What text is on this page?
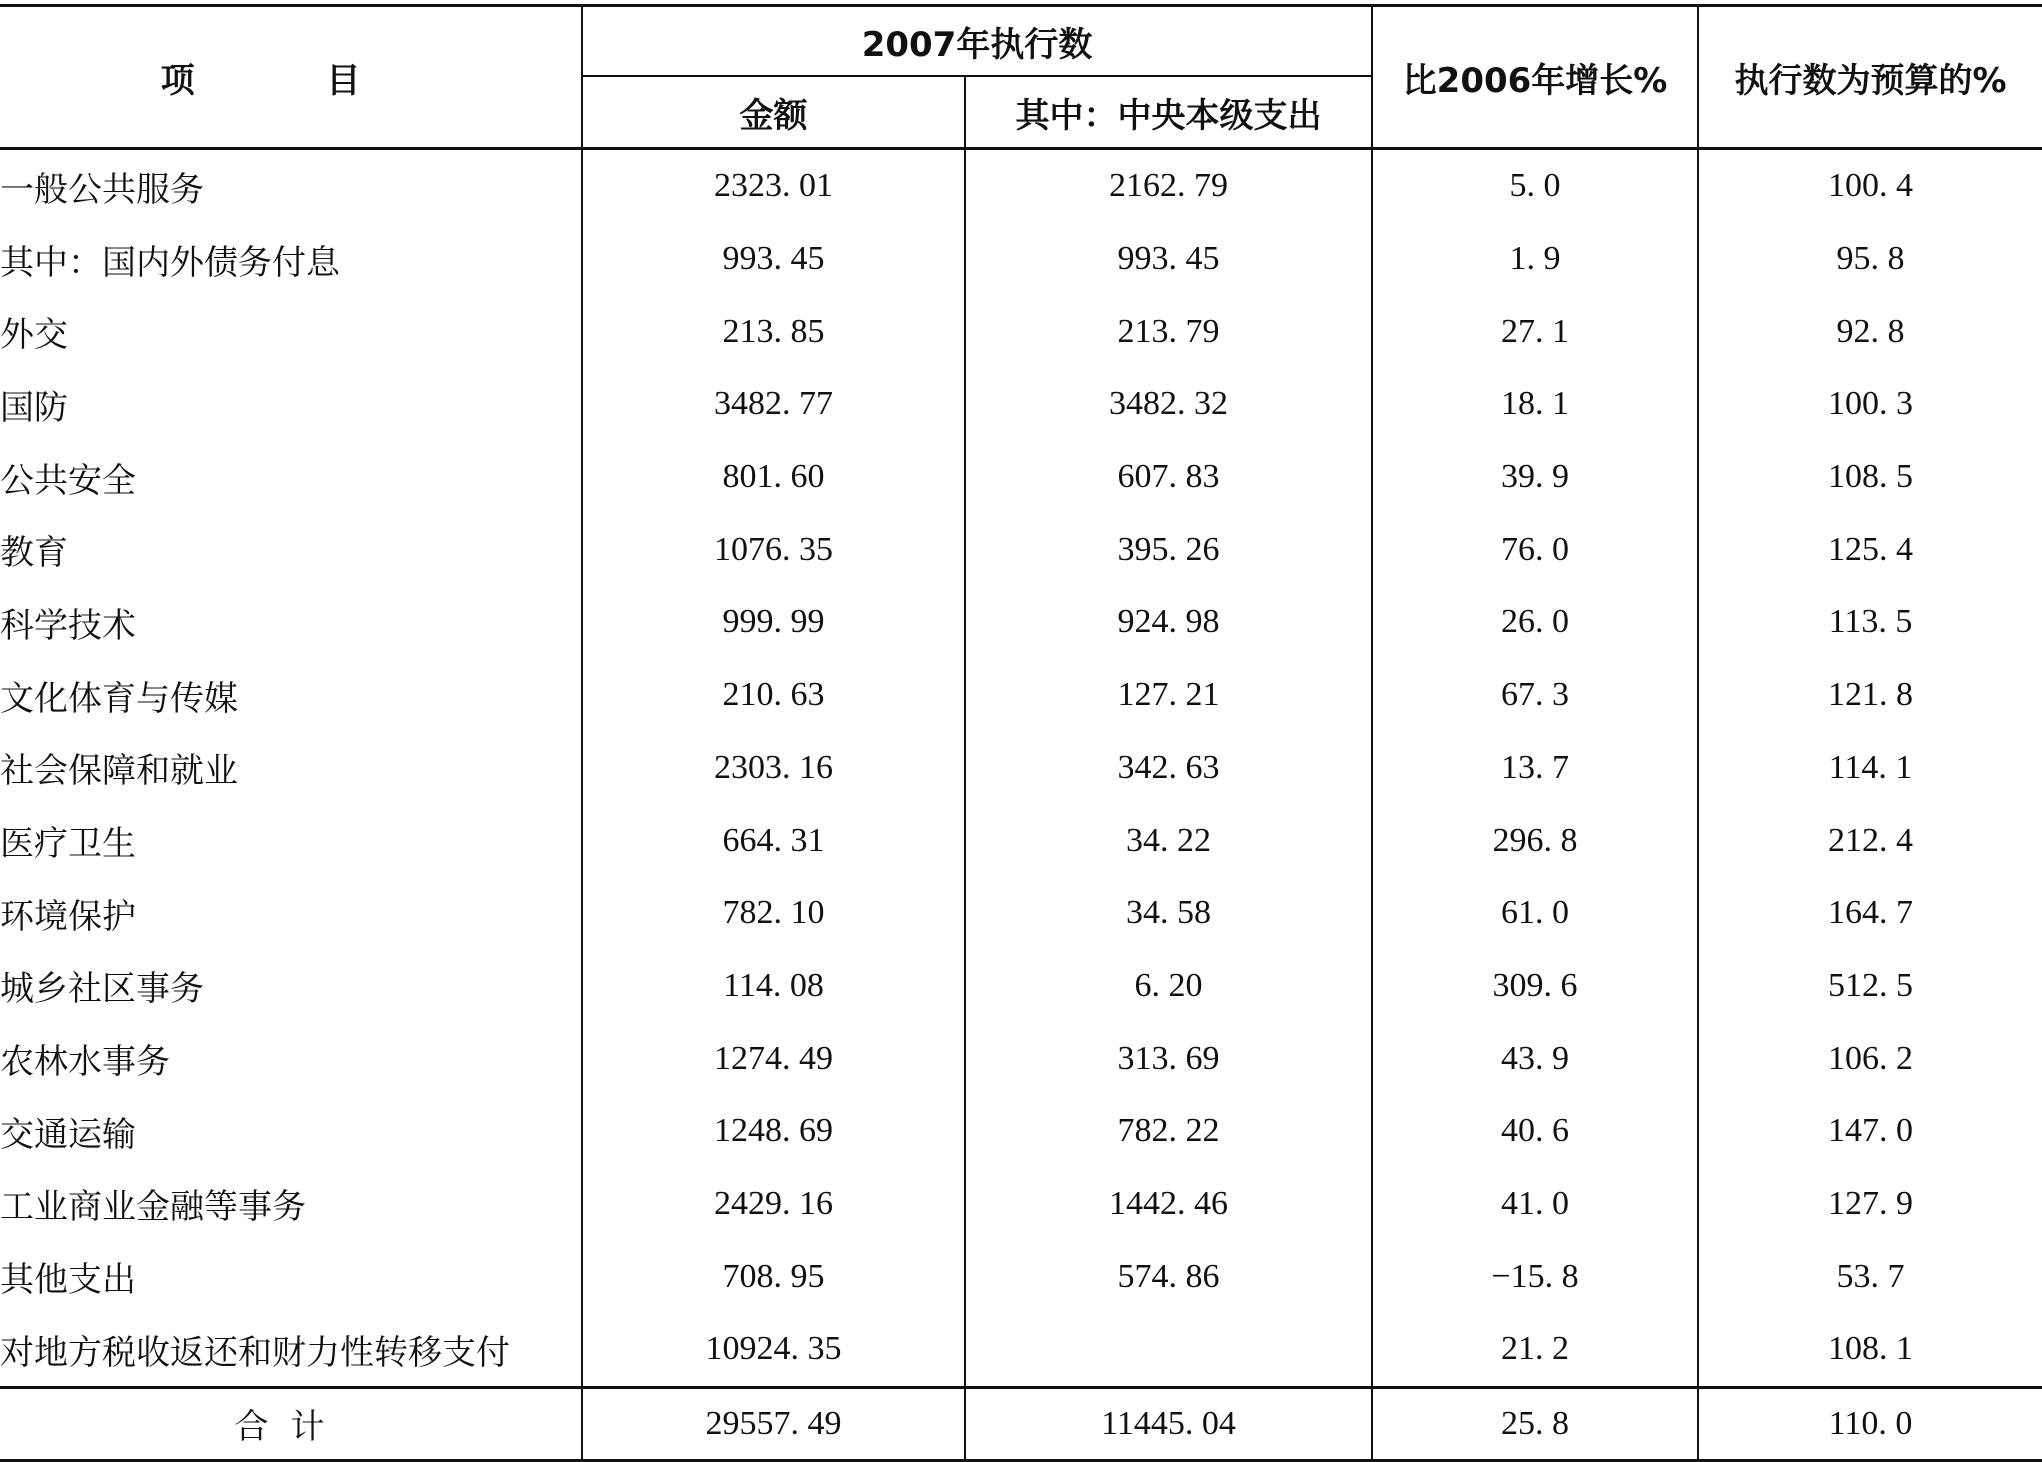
项 目	2007年执行数		比2006年增长%	执行数为预算的%
	金额	其中：中央本级支出		
一般公共服务	2323. 01	2162. 79	5. 0	100. 4
其中：国内外债务付息	993. 45	993. 45	1. 9	95. 8
外交	213. 85	213. 79	27. 1	92. 8
国防	3482. 77	3482. 32	18. 1	100. 3
公共安全	801. 60	607. 83	39. 9	108. 5
教育	1076. 35	395. 26	76. 0	125. 4
科学技术	999. 99	924. 98	26. 0	113. 5
文化体育与传媒	210. 63	127. 21	67. 3	121. 8
社会保障和就业	2303. 16	342. 63	13. 7	114. 1
医疗卫生	664. 31	34. 22	296. 8	212. 4
环境保护	782. 10	34. 58	61. 0	164. 7
城乡社区事务	114. 08	6. 20	309. 6	512. 5
农林水事务	1274. 49	313. 69	43. 9	106. 2
交通运输	1248. 69	782. 22	40. 6	147. 0
工业商业金融等事务	2429. 16	1442. 46	41. 0	127. 9
其他支出	708. 95	574. 86	−15. 8	53. 7
对地方税收返还和财力性转移支付	10924. 35		21. 2	108. 1
合计	29557. 49	11445. 04	25. 8	110. 0
